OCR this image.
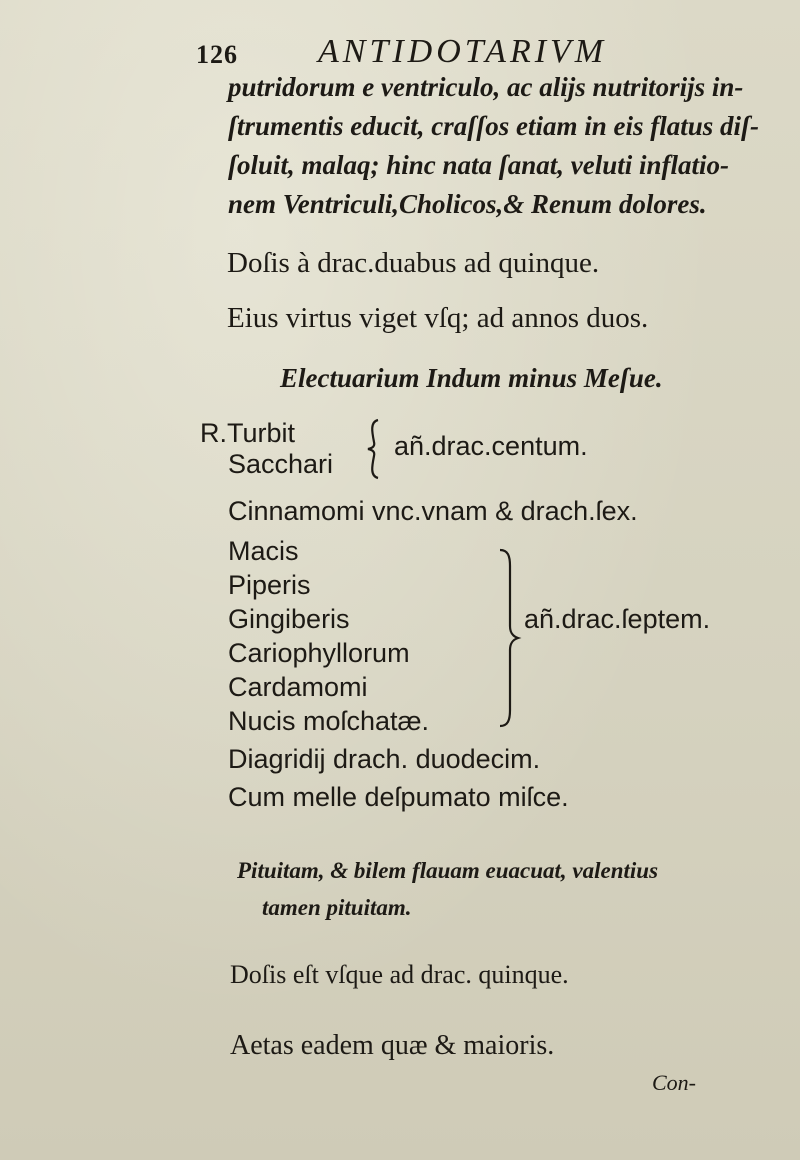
126 ANTIDOTARIVM
putridorum e ventriculo, ac alijs nutritorijs in-
ſtrumentis educit, craſſos etiam in eis flatus diſ-
ſoluit, malaq; hinc nata ſanat, veluti inflatio-
nem Ventriculi,Cholicos,& Renum dolores.
Doſis à drac.duabus ad quinque.
Eius virtus viget vſq; ad annos duos.
Electuarium Indum minus Meſue.
R.Turbit
Sacchari
añ.drac.centum.
Cinnamomi vnc.vnam & drach.ſex.
Macis
Piperis
Gingiberis
Cariophyllorum
Cardamomi
Nucis moſchatæ.
añ.drac.ſeptem.
Diagridij drach. duodecim.
Cum melle deſpumato miſce.
Pituitam, & bilem flauam euacuat, valentius
tamen pituitam.
Doſis eſt vſque ad drac. quinque.
Aetas eadem quæ & maioris.
Con-
